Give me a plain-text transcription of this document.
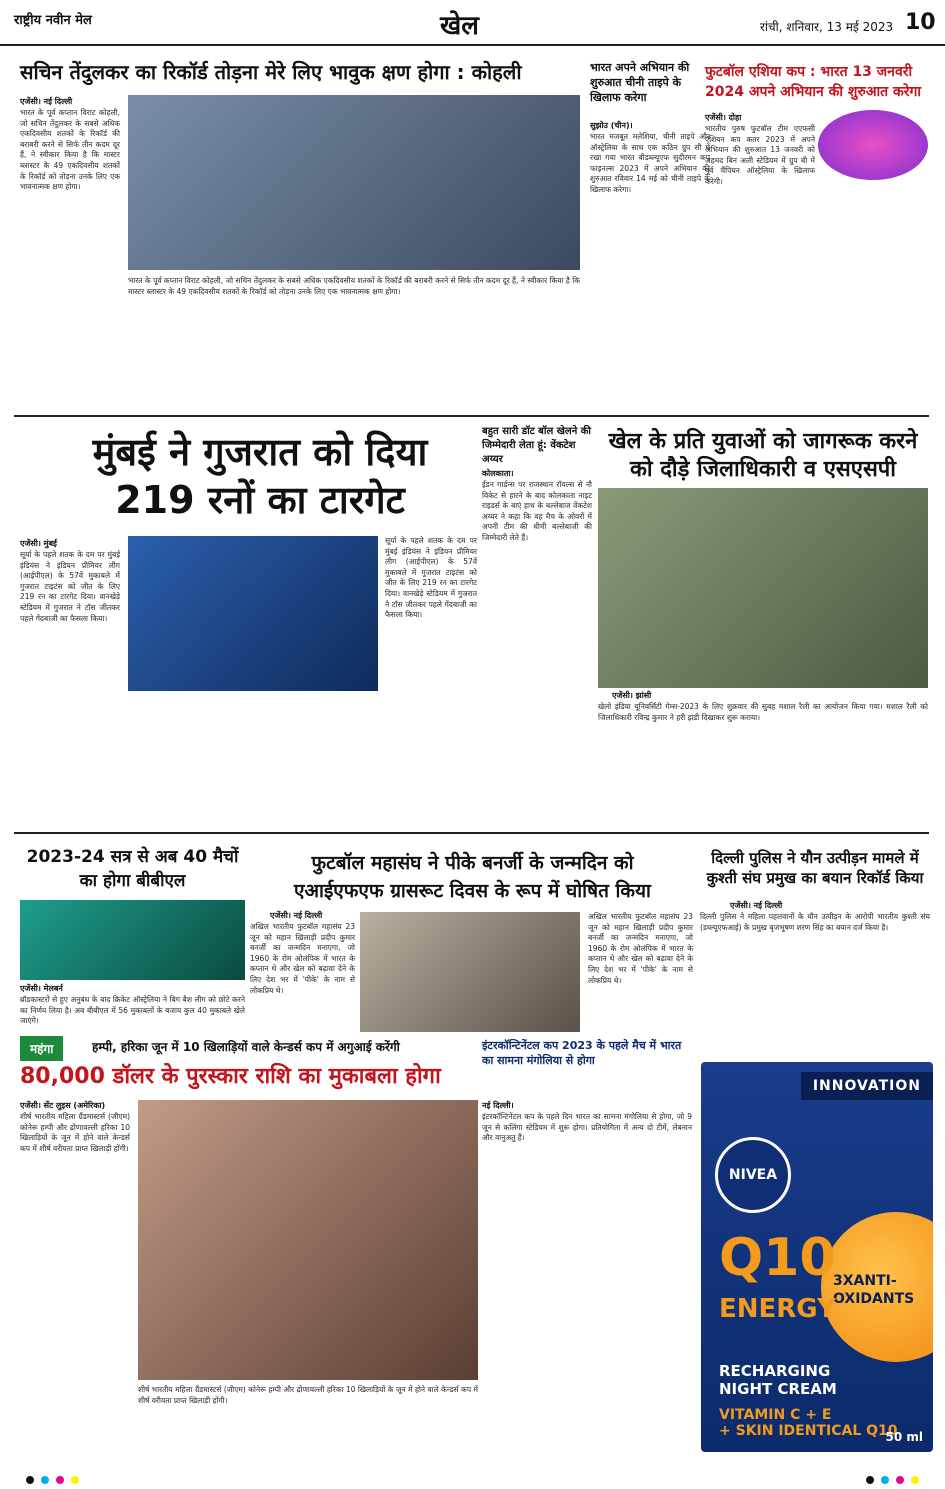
राष्ट्रीय नवीन मेल	खेल	रांची, शनिवार, 13 मई 2023 10
सचिन तेंदुलकर का रिकॉर्ड तोड़ना मेरे लिए भावुक क्षण होगा : कोहली
एजेंसी। नई दिल्ली
भारत के पूर्व कप्तान विराट कोहली, जो सचिन तेंदुलकर के सबसे अधिक एकदिवसीय शतकों के रिकॉर्ड की बराबरी करने से सिर्फ तीन कदम दूर हैं, ने स्वीकार किया है कि मास्टर ब्लास्टर के 49 एकदिवसीय शतकों के रिकॉर्ड को तोड़ना उनके लिए एक भावनात्मक क्षण होगा।
भारत के पूर्व कप्तान विराट कोहली, जो सचिन तेंदुलकर के सबसे अधिक एकदिवसीय शतकों के रिकॉर्ड की बराबरी करने से सिर्फ तीन कदम दूर हैं, ने स्वीकार किया है कि मास्टर ब्लास्टर के 49 एकदिवसीय शतकों के रिकॉर्ड को तोड़ना उनके लिए एक भावनात्मक क्षण होगा।
भारत अपने अभियान की शुरुआत चीनी ताइपे के खिलाफ करेगा
सुझोउ (चीन)।
भारत मजबूत मलेशिया, चीनी ताइपे और ऑस्ट्रेलिया के साथ एक कठिन ग्रुप सी में रखा गया भारत बीडब्ल्यूएफ सुदीरमन कप फाइनल्स 2023 में अपने अभियान की शुरुआत रविवार 14 मई को चीनी ताइपे के खिलाफ करेगा।
फुटबॉल एशिया कप : भारत 13 जनवरी 2024 अपने अभियान की शुरुआत करेगा
एजेंसी। दोहा
भारतीय पुरुष फुटबॉल टीम एएफसी एशियन कप कतर 2023 में अपने अभियान की शुरुआत 13 जनवरी को अहमद बिन अली स्टेडियम में ग्रुप बी में पूर्व चैंपियन ऑस्ट्रेलिया के खिलाफ करेगी।
मुंबई ने गुजरात को दिया
219 रनों का टारगेट
एजेंसी। मुंबई
सूर्या के पहले शतक के दम पर मुंबई इंडियंस ने इंडियन प्रीमियर लीग (आईपीएल) के 57वें मुकाबले में गुजरात टाइटंस को जीत के लिए 219 रन का टारगेट दिया। वानखेड़े स्टेडियम में गुजरात ने टॉस जीतकर पहले गेंदबाजी का फैसला किया।
सूर्या के पहले शतक के दम पर मुंबई इंडियंस ने इंडियन प्रीमियर लीग (आईपीएल) के 57वें मुकाबले में गुजरात टाइटंस को जीत के लिए 219 रन का टारगेट दिया। वानखेड़े स्टेडियम में गुजरात ने टॉस जीतकर पहले गेंदबाजी का फैसला किया।
बहुत सारी डॉट बॉल खेलने की जिम्मेदारी लेता हूं: वेंकटेश अय्यर
कोलकाता।
ईडन गार्डन्स पर राजस्थान रॉयल्स से नौ विकेट से हारने के बाद कोलकाता नाइट राइडर्स के बाएं हाथ के बल्लेबाज वेंकटेश अय्यर ने कहा कि वह मैच के ओवरों में अपनी टीम की धीमी बल्लेबाजी की जिम्मेदारी लेते हैं।
खेल के प्रति युवाओं को जागरूक करने को दौड़े जिलाधिकारी व एसएसपी
एजेंसी। झांसी
खेलो इंडिया यूनिवर्सिटी गेम्स-2023 के लिए शुक्रवार की सुबह मशाल रैली का आयोजन किया गया। मशाल रैली को जिलाधिकारी रविन्द्र कुमार ने हरी झंडी दिखाकर शुरू कराया।
2023-24 सत्र से अब 40 मैचों का होगा बीबीएल
एजेंसी। मेलबर्न
ब्रॉडकास्टरों से हुए अनुबंध के बाद क्रिकेट ऑस्ट्रेलिया ने बिग बैश लीग को छोटे करने का निर्णय लिया है। अब बीबीएल में 56 मुकाबलों के बजाय कुल 40 मुकाबले खेले जाएंगे।
फुटबॉल महासंघ ने पीके बनर्जी के जन्मदिन को
एआईएफएफ ग्रासरूट दिवस के रूप में घोषित किया
एजेंसी। नई दिल्ली
अखिल भारतीय फुटबॉल महासंघ 23 जून को महान खिलाड़ी प्रदीप कुमार बनर्जी का जन्मदिन मनाएगा, जो 1960 के रोम ओलंपिक में भारत के कप्तान थे और खेल को बढ़ावा देने के लिए देश भर में 'पीके' के नाम से लोकप्रिय थे।
अखिल भारतीय फुटबॉल महासंघ 23 जून को महान खिलाड़ी प्रदीप कुमार बनर्जी का जन्मदिन मनाएगा, जो 1960 के रोम ओलंपिक में भारत के कप्तान थे और खेल को बढ़ावा देने के लिए देश भर में 'पीके' के नाम से लोकप्रिय थे।
दिल्ली पुलिस ने यौन उत्पीड़न मामले में
कुश्ती संघ प्रमुख का बयान रिकॉर्ड किया
एजेंसी। नई दिल्ली
दिल्ली पुलिस ने महिला पहलवानों के यौन उत्पीड़न के आरोपी भारतीय कुश्ती संघ (डब्ल्यूएफआई) के प्रमुख बृजभूषण शरण सिंह का बयान दर्ज किया है।
महंगा	हम्पी, हरिका जून में 10 खिलाड़ियों वाले केन्डर्स कप में अगुआई करेंगी
80,000 डॉलर के पुरस्कार राशि का मुकाबला होगा
एजेंसी। सेंट लुइस (अमेरिका)
शीर्ष भारतीय महिला ग्रैंडमास्टर्स (जीएम) कोनेरू हम्पी और द्रोणावल्ली हरिका 10 खिलाड़ियों के जून में होने वाले केन्डर्स कप में शीर्ष वरीयता प्राप्त खिलाड़ी होंगी।
शीर्ष भारतीय महिला ग्रैंडमास्टर्स (जीएम) कोनेरू हम्पी और द्रोणावल्ली हरिका 10 खिलाड़ियों के जून में होने वाले केन्डर्स कप में शीर्ष वरीयता प्राप्त खिलाड़ी होंगी।
इंटरकॉन्टिनेंटल कप 2023 के पहले मैच में भारत का सामना मंगोलिया से होगा
नई दिल्ली।
इंटरकॉन्टिनेंटल कप के पहले दिन भारत का सामना मंगोलिया से होगा, जो 9 जून से कलिंगा स्टेडियम में शुरू होगा। प्रतियोगिता में अन्य दो टीमें, लेबनान और वानुअतु हैं।
INNOVATION
NIVEA
3XANTI-
OXIDANTS
Q10
ENERGY
RECHARGING
NIGHT CREAM
VITAMIN C + E
+ SKIN IDENTICAL Q10
50 ml
